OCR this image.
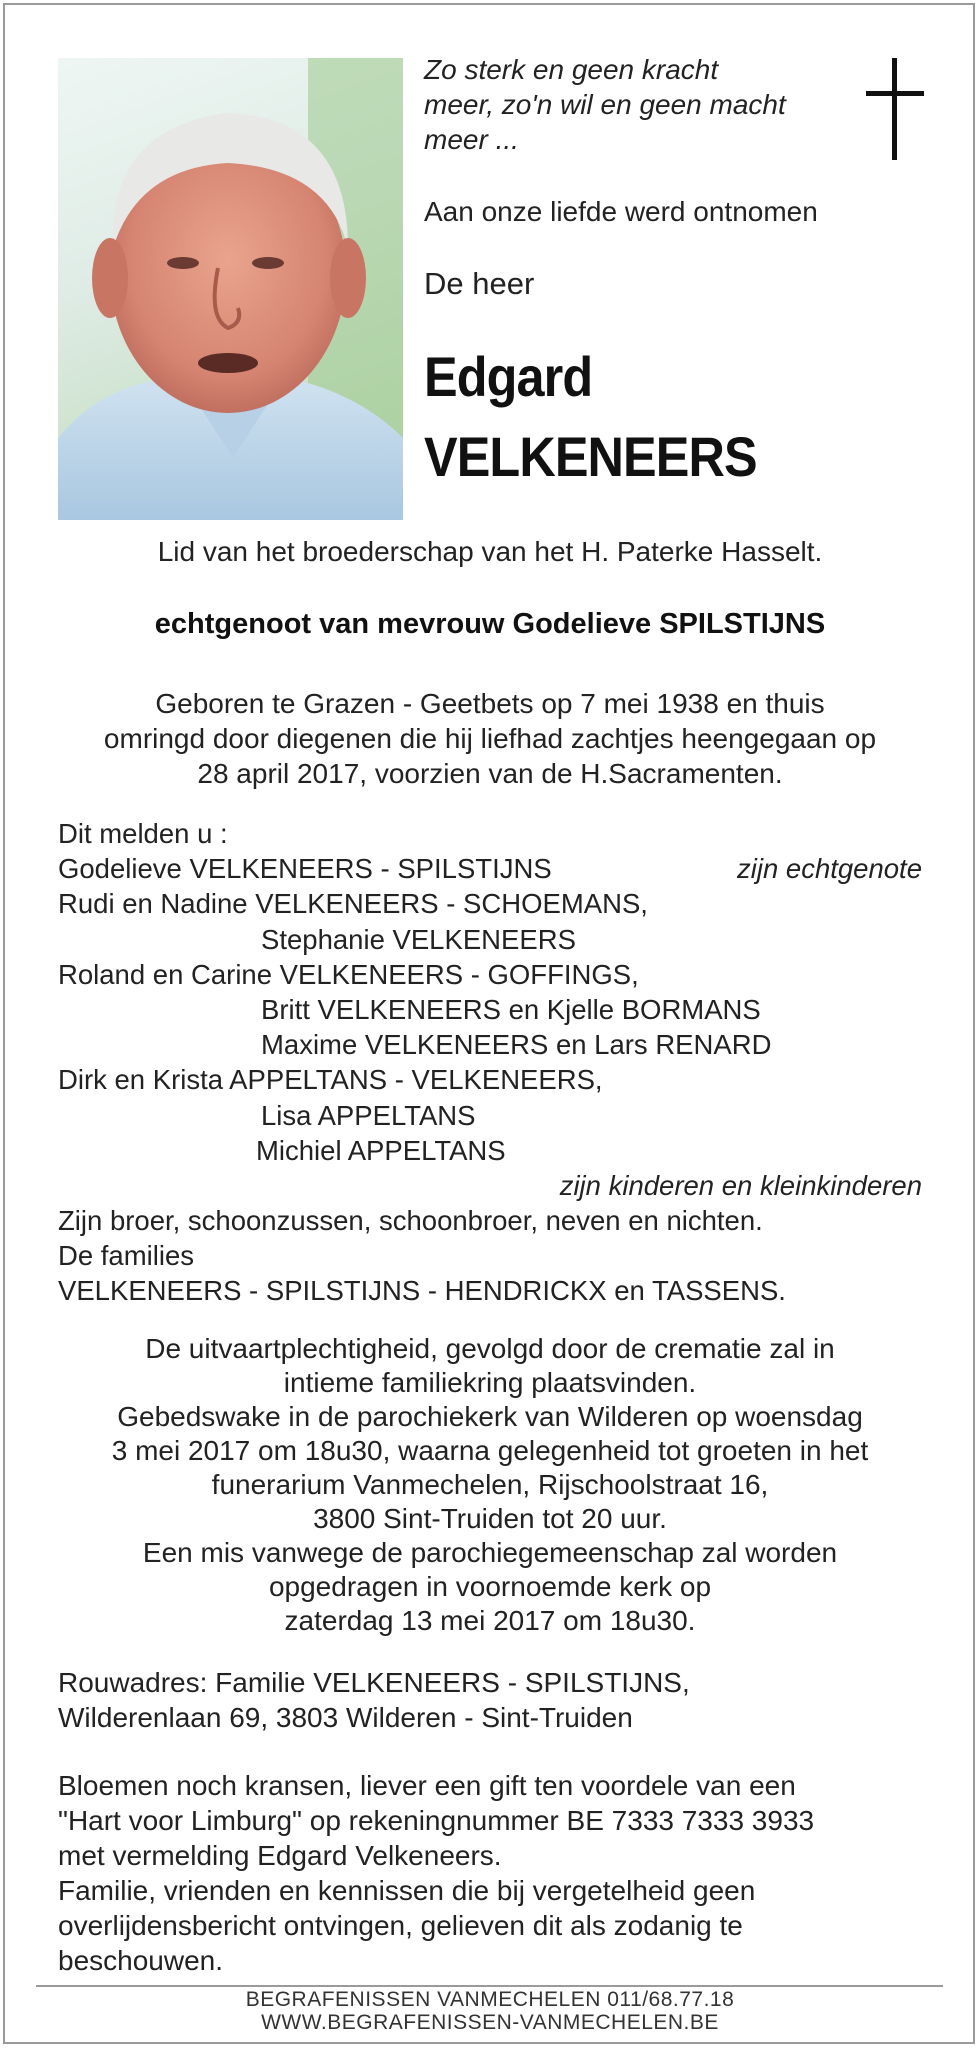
Zo sterk en geen kracht
meer, zo'n wil en geen macht
meer ...
Aan onze liefde werd ontnomen
De heer
Edgard
VELKENEERS
Lid van het broederschap van het H. Paterke Hasselt.
echtgenoot van mevrouw Godelieve SPILSTIJNS
Geboren te Grazen - Geetbets op 7 mei 1938 en thuis
omringd door diegenen die hij liefhad zachtjes heengegaan op
28 april 2017, voorzien van de H.Sacramenten.
Dit melden u :
Godelieve VELKENEERS - SPILSTIJNS	zijn echtgenote
Rudi en Nadine VELKENEERS - SCHOEMANS,
Stephanie VELKENEERS
Roland en Carine VELKENEERS - GOFFINGS,
Britt VELKENEERS en Kjelle BORMANS
Maxime VELKENEERS en Lars RENARD
Dirk en Krista APPELTANS - VELKENEERS,
Lisa APPELTANS
Michiel APPELTANS
zijn kinderen en kleinkinderen
Zijn broer, schoonzussen, schoonbroer, neven en nichten.
De families
VELKENEERS - SPILSTIJNS - HENDRICKX en TASSENS.
De uitvaartplechtigheid, gevolgd door de crematie zal in
intieme familiekring plaatsvinden.
Gebedswake in de parochiekerk van Wilderen op woensdag
3 mei 2017 om 18u30, waarna gelegenheid tot groeten in het
funerarium Vanmechelen, Rijschoolstraat 16,
3800 Sint-Truiden tot 20 uur.
Een mis vanwege de parochiegemeenschap zal worden
opgedragen in voornoemde kerk op
zaterdag 13 mei 2017 om 18u30.
Rouwadres: Familie VELKENEERS - SPILSTIJNS,
Wilderenlaan 69, 3803 Wilderen - Sint-Truiden
Bloemen noch kransen, liever een gift ten voordele van een
"Hart voor Limburg" op rekeningnummer BE 7333 7333 3933
met vermelding Edgard Velkeneers.
Familie, vrienden en kennissen die bij vergetelheid geen
overlijdensbericht ontvingen, gelieven dit als zodanig te
beschouwen.
BEGRAFENISSEN VANMECHELEN 011/68.77.18
WWW.BEGRAFENISSEN-VANMECHELEN.BE
